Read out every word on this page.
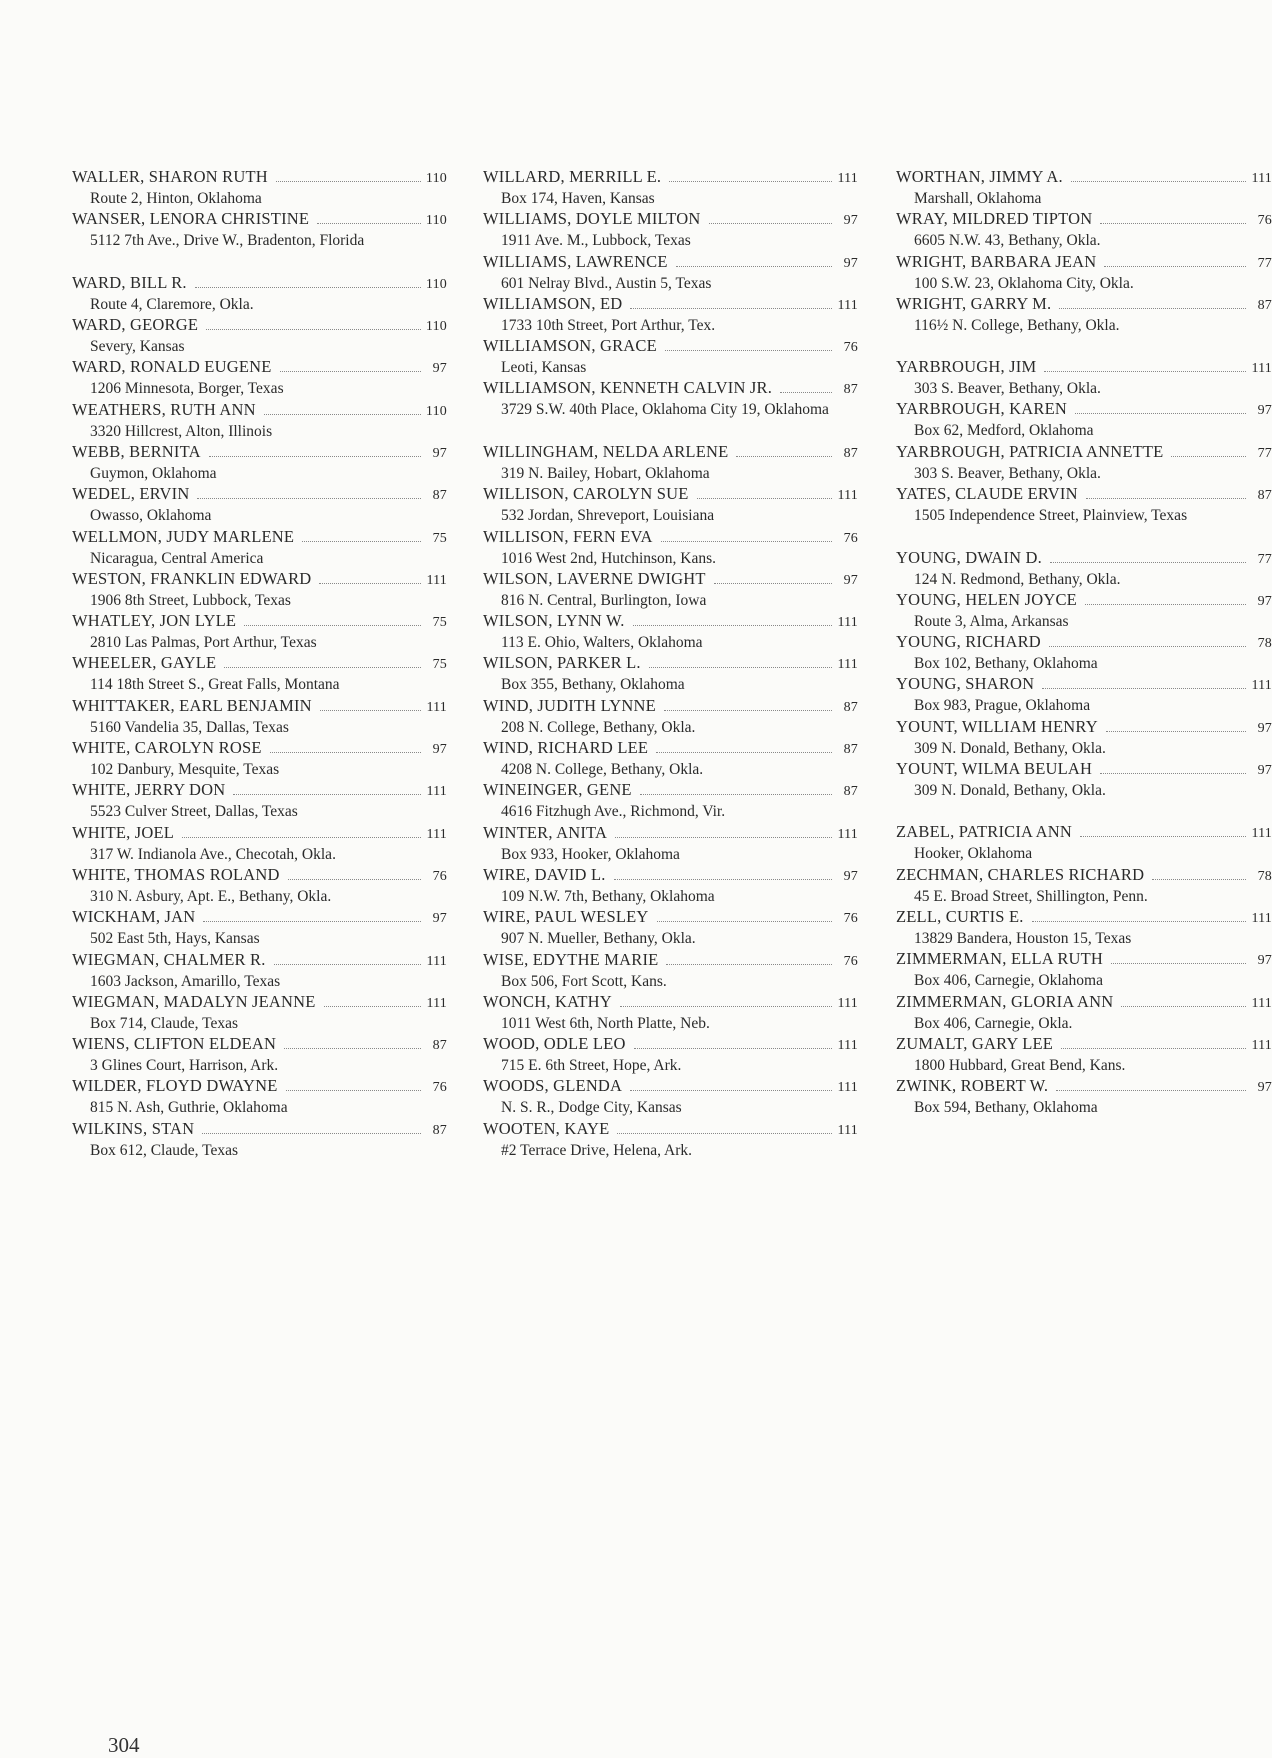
WALLER, SHARON RUTH	110
Route 2, Hinton, Oklahoma
WANSER, LENORA CHRISTINE	110
5112 7th Ave., Drive W., Bradenton, Florida
WARD, BILL R.	110
Route 4, Claremore, Okla.
WARD, GEORGE	110
Severy, Kansas
WARD, RONALD EUGENE	97
1206 Minnesota, Borger, Texas
WEATHERS, RUTH ANN	110
3320 Hillcrest, Alton, Illinois
WEBB, BERNITA	97
Guymon, Oklahoma
WEDEL, ERVIN	87
Owasso, Oklahoma
WELLMON, JUDY MARLENE	75
Nicaragua, Central America
WESTON, FRANKLIN EDWARD	111
1906 8th Street, Lubbock, Texas
WHATLEY, JON LYLE	75
2810 Las Palmas, Port Arthur, Texas
WHEELER, GAYLE	75
114 18th Street S., Great Falls, Montana
WHITTAKER, EARL BENJAMIN	111
5160 Vandelia 35, Dallas, Texas
WHITE, CAROLYN ROSE	97
102 Danbury, Mesquite, Texas
WHITE, JERRY DON	111
5523 Culver Street, Dallas, Texas
WHITE, JOEL	111
317 W. Indianola Ave., Checotah, Okla.
WHITE, THOMAS ROLAND	76
310 N. Asbury, Apt. E., Bethany, Okla.
WICKHAM, JAN	97
502 East 5th, Hays, Kansas
WIEGMAN, CHALMER R.	111
1603 Jackson, Amarillo, Texas
WIEGMAN, MADALYN JEANNE	111
Box 714, Claude, Texas
WIENS, CLIFTON ELDEAN	87
3 Glines Court, Harrison, Ark.
WILDER, FLOYD DWAYNE	76
815 N. Ash, Guthrie, Oklahoma
WILKINS, STAN	87
Box 612, Claude, Texas
WILLARD, MERRILL E.	111
Box 174, Haven, Kansas
WILLIAMS, DOYLE MILTON	97
1911 Ave. M., Lubbock, Texas
WILLIAMS, LAWRENCE	97
601 Nelray Blvd., Austin 5, Texas
WILLIAMSON, ED	111
1733 10th Street, Port Arthur, Tex.
WILLIAMSON, GRACE	76
Leoti, Kansas
WILLIAMSON, KENNETH CALVIN JR.	87
3729 S.W. 40th Place, Oklahoma City 19, Oklahoma
WILLINGHAM, NELDA ARLENE	87
319 N. Bailey, Hobart, Oklahoma
WILLISON, CAROLYN SUE	111
532 Jordan, Shreveport, Louisiana
WILLISON, FERN EVA	76
1016 West 2nd, Hutchinson, Kans.
WILSON, LAVERNE DWIGHT	97
816 N. Central, Burlington, Iowa
WILSON, LYNN W.	111
113 E. Ohio, Walters, Oklahoma
WILSON, PARKER L.	111
Box 355, Bethany, Oklahoma
WIND, JUDITH LYNNE	87
208 N. College, Bethany, Okla.
WIND, RICHARD LEE	87
4208 N. College, Bethany, Okla.
WINEINGER, GENE	87
4616 Fitzhugh Ave., Richmond, Vir.
WINTER, ANITA	111
Box 933, Hooker, Oklahoma
WIRE, DAVID L.	97
109 N.W. 7th, Bethany, Oklahoma
WIRE, PAUL WESLEY	76
907 N. Mueller, Bethany, Okla.
WISE, EDYTHE MARIE	76
Box 506, Fort Scott, Kans.
WONCH, KATHY	111
1011 West 6th, North Platte, Neb.
WOOD, ODLE LEO	111
715 E. 6th Street, Hope, Ark.
WOODS, GLENDA	111
N. S. R., Dodge City, Kansas
WOOTEN, KAYE	111
#2 Terrace Drive, Helena, Ark.
WORTHAN, JIMMY A.	111
Marshall, Oklahoma
WRAY, MILDRED TIPTON	76
6605 N.W. 43, Bethany, Okla.
WRIGHT, BARBARA JEAN	77
100 S.W. 23, Oklahoma City, Okla.
WRIGHT, GARRY M.	87
116½ N. College, Bethany, Okla.
YARBROUGH, JIM	111
303 S. Beaver, Bethany, Okla.
YARBROUGH, KAREN	97
Box 62, Medford, Oklahoma
YARBROUGH, PATRICIA ANNETTE	77
303 S. Beaver, Bethany, Okla.
YATES, CLAUDE ERVIN	87
1505 Independence Street, Plainview, Texas
YOUNG, DWAIN D.	77
124 N. Redmond, Bethany, Okla.
YOUNG, HELEN JOYCE	97
Route 3, Alma, Arkansas
YOUNG, RICHARD	78
Box 102, Bethany, Oklahoma
YOUNG, SHARON	111
Box 983, Prague, Oklahoma
YOUNT, WILLIAM HENRY	97
309 N. Donald, Bethany, Okla.
YOUNT, WILMA BEULAH	97
309 N. Donald, Bethany, Okla.
ZABEL, PATRICIA ANN	111
Hooker, Oklahoma
ZECHMAN, CHARLES RICHARD	78
45 E. Broad Street, Shillington, Penn.
ZELL, CURTIS E.	111
13829 Bandera, Houston 15, Texas
ZIMMERMAN, ELLA RUTH	97
Box 406, Carnegie, Oklahoma
ZIMMERMAN, GLORIA ANN	111
Box 406, Carnegie, Okla.
ZUMALT, GARY LEE	111
1800 Hubbard, Great Bend, Kans.
ZWINK, ROBERT W.	97
Box 594, Bethany, Oklahoma
304
